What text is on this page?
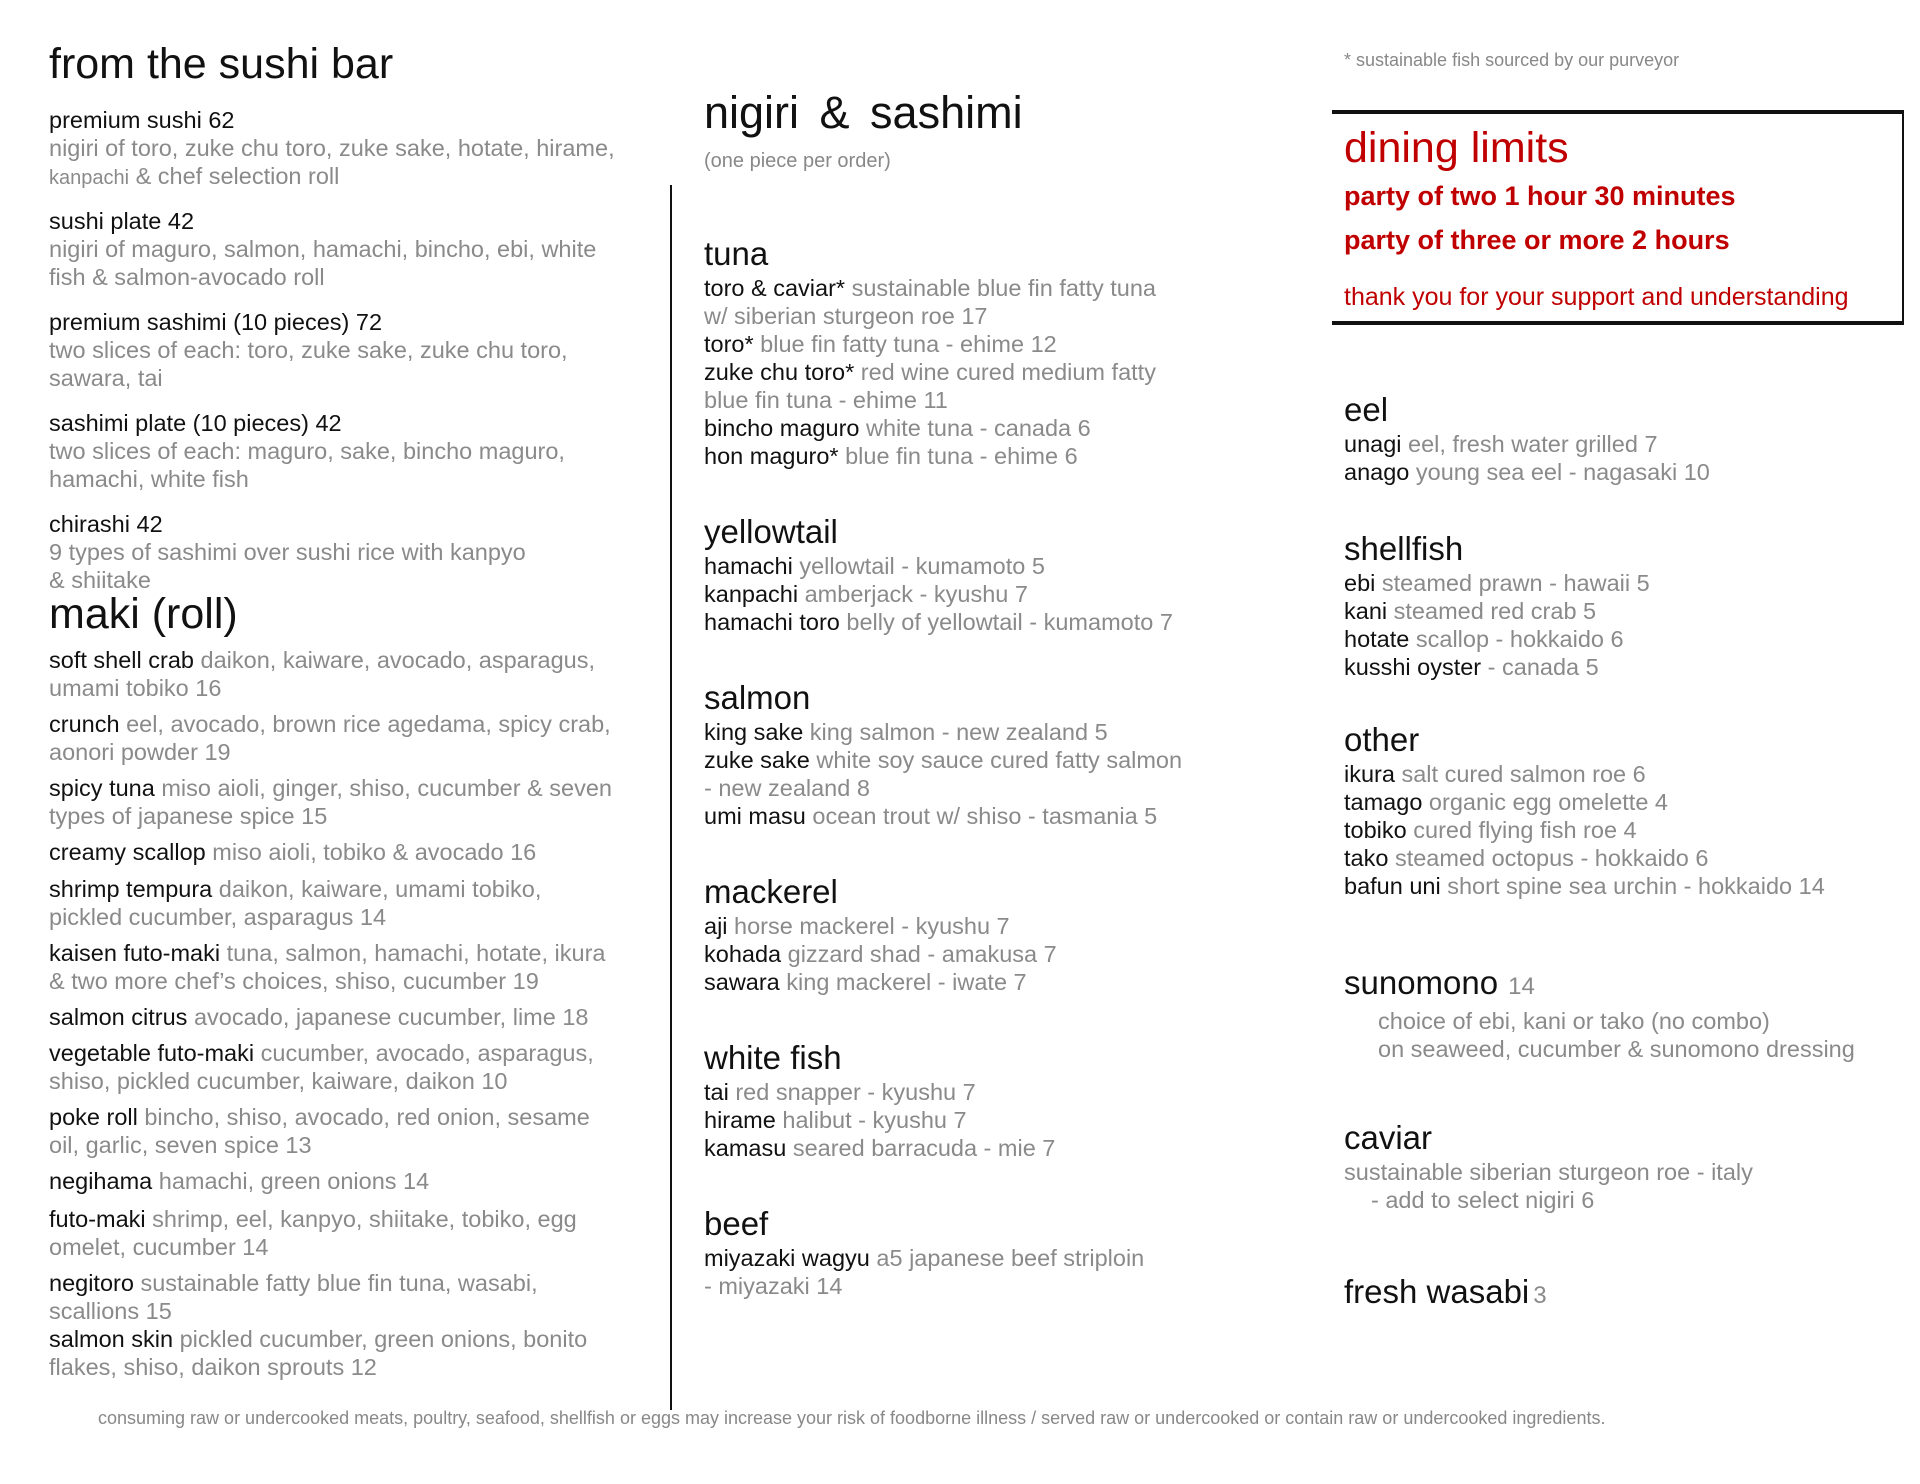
from the sushi bar
premium sushi 62
nigiri of toro, zuke chu toro, zuke sake, hotate, hirame,
kanpachi & chef selection roll
sushi plate 42
nigiri of maguro, salmon, hamachi, bincho, ebi, white
fish & salmon-avocado roll
premium sashimi (10 pieces) 72
two slices of each: toro, zuke sake, zuke chu toro,
sawara, tai
sashimi plate (10 pieces) 42
two slices of each: maguro, sake, bincho maguro,
hamachi, white fish
chirashi 42
9 types of sashimi over sushi rice with kanpyo
& shiitake
maki (roll)
soft shell crab daikon, kaiware, avocado, asparagus,
umami tobiko 16
crunch eel, avocado, brown rice agedama, spicy crab,
aonori powder 19
spicy tuna miso aioli, ginger, shiso, cucumber & seven
types of japanese spice 15
creamy scallop miso aioli, tobiko & avocado 16
shrimp tempura daikon, kaiware, umami tobiko,
pickled cucumber, asparagus 14
kaisen futo-maki tuna, salmon, hamachi, hotate, ikura
& two more chef’s choices, shiso, cucumber 19
salmon citrus avocado, japanese cucumber, lime 18
vegetable futo-maki cucumber, avocado, asparagus,
shiso, pickled cucumber, kaiware, daikon 10
poke roll bincho, shiso, avocado, red onion, sesame
oil, garlic, seven spice 13
negihama hamachi, green onions 14
futo-maki shrimp, eel, kanpyo, shiitake, tobiko, egg
omelet, cucumber 14
negitoro sustainable fatty blue fin tuna, wasabi,
scallions 15
salmon skin pickled cucumber, green onions, bonito
flakes, shiso, daikon sprouts 12
nigiri & sashimi
(one piece per order)
tuna

toro & caviar* sustainable blue fin fatty tuna

w/ siberian sturgeon roe 17

toro* blue fin fatty tuna - ehime 12

zuke chu toro* red wine cured medium fatty

blue fin tuna - ehime 11

bincho maguro white tuna - canada 6

hon maguro* blue fin tuna - ehime 6

yellowtail

hamachi yellowtail - kumamoto 5

kanpachi amberjack - kyushu 7

hamachi toro belly of yellowtail - kumamoto 7

salmon

king sake king salmon - new zealand 5

zuke sake white soy sauce cured fatty salmon

- new zealand 8

umi masu ocean trout w/ shiso - tasmania 5

mackerel

aji horse mackerel - kyushu 7

kohada gizzard shad - amakusa 7

sawara king mackerel - iwate 7

white fish

tai red snapper - kyushu 7

hirame halibut - kyushu 7

kamasu seared barracuda - mie 7

beef

miyazaki wagyu a5 japanese beef striploin

- miyazaki 14

* sustainable fish sourced by our purveyor
dining limits

party of two 1 hour 30 minutes

party of three or more 2 hours

thank you for your support and understanding
eel

unagi eel, fresh water grilled 7

anago young sea eel - nagasaki 10

shellfish

ebi steamed prawn - hawaii 5

kani steamed red crab 5

hotate scallop - hokkaido 6

kusshi oyster - canada 5

other

ikura salt cured salmon roe 6

tamago organic egg omelette 4

tobiko cured flying fish roe 4

tako steamed octopus - hokkaido 6

bafun uni short spine sea urchin - hokkaido 14

sunomono 14

choice of ebi, kani or tako (no combo)

on seaweed, cucumber & sunomono dressing

caviar

sustainable siberian sturgeon roe - italy

- add to select nigiri 6

fresh wasabi 3
consuming raw or undercooked meats, poultry, seafood, shellfish or eggs may increase your risk of foodborne illness / served raw or undercooked or contain raw or undercooked ingredients.
